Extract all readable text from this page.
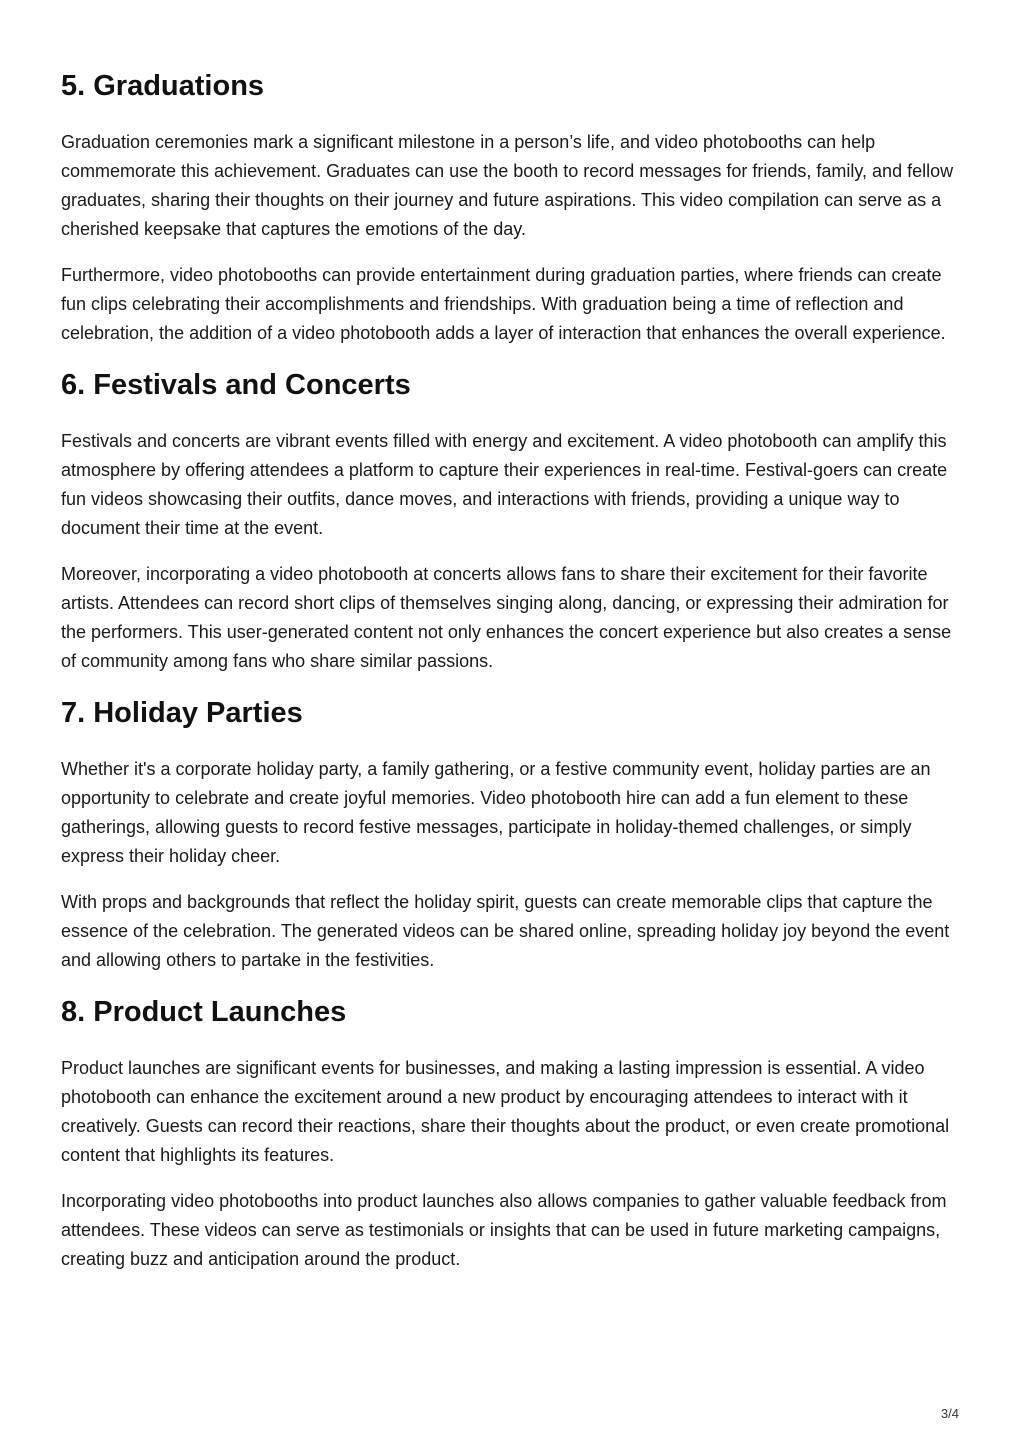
5. Graduations

Graduation ceremonies mark a significant milestone in a person’s life, and video photobooths can help commemorate this achievement. Graduates can use the booth to record messages for friends, family, and fellow graduates, sharing their thoughts on their journey and future aspirations. This video compilation can serve as a cherished keepsake that captures the emotions of the day.

Furthermore, video photobooths can provide entertainment during graduation parties, where friends can create fun clips celebrating their accomplishments and friendships. With graduation being a time of reflection and celebration, the addition of a video photobooth adds a layer of interaction that enhances the overall experience.

6. Festivals and Concerts

Festivals and concerts are vibrant events filled with energy and excitement. A video photobooth can amplify this atmosphere by offering attendees a platform to capture their experiences in real-time. Festival-goers can create fun videos showcasing their outfits, dance moves, and interactions with friends, providing a unique way to document their time at the event.

Moreover, incorporating a video photobooth at concerts allows fans to share their excitement for their favorite artists. Attendees can record short clips of themselves singing along, dancing, or expressing their admiration for the performers. This user-generated content not only enhances the concert experience but also creates a sense of community among fans who share similar passions.

7. Holiday Parties

Whether it's a corporate holiday party, a family gathering, or a festive community event, holiday parties are an opportunity to celebrate and create joyful memories. Video photobooth hire can add a fun element to these gatherings, allowing guests to record festive messages, participate in holiday-themed challenges, or simply express their holiday cheer.

With props and backgrounds that reflect the holiday spirit, guests can create memorable clips that capture the essence of the celebration. The generated videos can be shared online, spreading holiday joy beyond the event and allowing others to partake in the festivities.

8. Product Launches

Product launches are significant events for businesses, and making a lasting impression is essential. A video photobooth can enhance the excitement around a new product by encouraging attendees to interact with it creatively. Guests can record their reactions, share their thoughts about the product, or even create promotional content that highlights its features.

Incorporating video photobooths into product launches also allows companies to gather valuable feedback from attendees. These videos can serve as testimonials or insights that can be used in future marketing campaigns, creating buzz and anticipation around the product.

3/4
